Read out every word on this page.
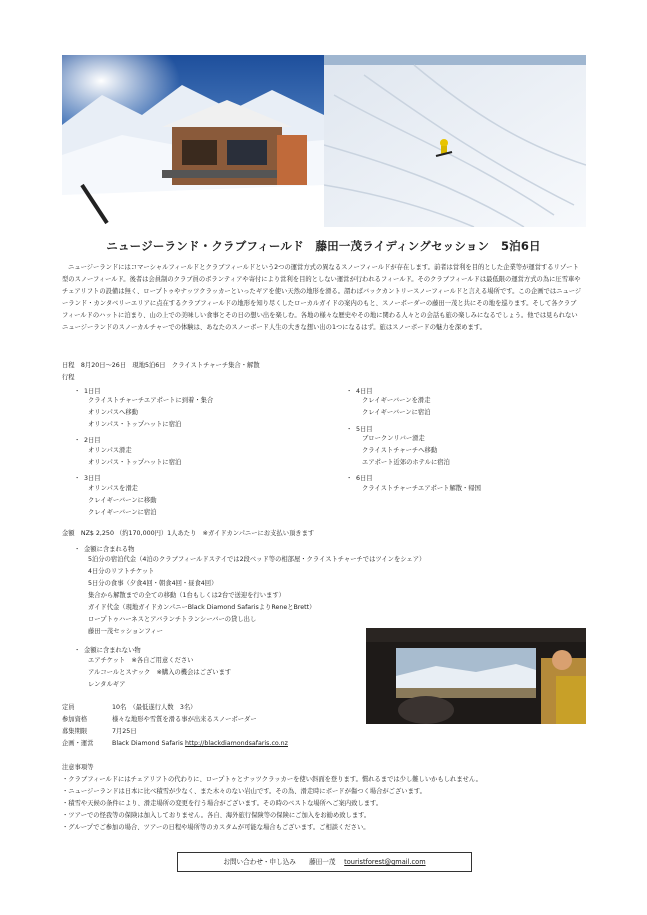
ニュージーランド・クラブフィールド　藤田一茂ライディングセッション　5泊6日
ニュージーランドにはコマーシャルフィールドとクラブフィールドという2つの運営方式の異なるスノーフィールドが存在します。前者は営利を目的とした企業等が運営するリゾート型のスノーフィールド。後者は会員制のクラブ員のボランティアや寄付により営利を目的としない運営が行われるフィールド。そのクラブフィールドは最低限の運営方式の為に圧雪車やチェアリフトの設備は無く、ロープトゥやナッツクラッカーといったギアを使い天然の地形を滑る。謂わばバックカントリースノーフィールドと言える場所です。この企画ではニュージーランド・カンタベリーエリアに点在するクラブフィールドの地形を知り尽くしたローカルガイドの案内のもと、スノーボーダーの藤田一茂と共にその地を巡ります。そして各クラブフィールドのハットに泊まり、山の上での美味しい食事とその日の想い出を楽しむ。各地の様々な歴史やその地に関わる人々との会話も旅の楽しみになるでしょう。他では見られないニュージーランドのスノーカルチャーでの体験は、あなたのスノーボード人生の大きな想い出の1つになるはず。旅はスノーボードの魅力を深めます。
日程　8月20日〜26日　現地5泊6日　クライストチャーチ集合・解散
行程
・ 1日目
クライストチャーチエアポートに到着・集合
オリンパスへ移動
オリンパス・トップハットに宿泊
・ 2日目
オリンパス滑走
オリンパス・トップハットに宿泊
・ 3日目
オリンパスを滑走
クレイギーバーンに移動
クレイギーバーンに宿泊
・ 4日目
クレイギーバーンを滑走
クレイギーバーンに宿泊
・ 5日目
ブロークンリバー滑走
クライストチャーチへ移動
エアポート近郊のホテルに宿泊
・ 6日目
クライストチャーチエアポート解散・帰国
金額　NZ$ 2,250 （約170,000円）1人あたり　※ガイドカンパニーにお支払い頂きます
・ 金額に含まれる物
5泊分の宿泊代金（4泊のクラブフィールドステイでは2段ベッド等の相部屋・クライストチャーチではツインをシェア）
4日分のリフトチケット
5日分の食事（夕食4回・朝食4回・昼食4回）
集合から解散までの全ての移動（1台もしくは2台で送迎を行います）
ガイド代金（現地ガイドカンパニーBlack Diamond SafarisよりReneとBrett）
ロープトゥハーネスとアバランチトランシーバーの貸し出し
藤田一茂セッションフィー
・ 金額に含まれない物
エアチケット　※各自ご用意ください
アルコールとスナック　※購入の機会はございます
レンタルギア
定員	10名　（最低遂行人数　3名）
参加資格	様々な地形や雪質を滑る事が出来るスノーボーダー
募集期限	7月25日
企画・運営	Black Diamond Safaris http://blackdiamondsafaris.co.nz
注意事項等
・クラブフィールドにはチェアリフトの代わりに、ロープトゥとナッツクラッカーを使い斜面を登ります。慣れるまでは少し難しいかもしれません。
・ニュージーランドは日本に比べ積雪が少なく、また木々のない岩山です。その為、滑走時にボードが傷つく場合がございます。
・積雪や天候の条件により、滑走場所の変更を行う場合がございます。その時のベストな場所へご案内致します。
・ツアーでの怪我等の保険は加入しておりません。各自、海外旅行保険等の保険にご加入をお勧め致します。
・グループでご参加の場合、ツアーの日程や場所等のカスタムが可能な場合もございます。ご相談ください。
お問い合わせ・申し込み　　藤田一茂　 touristforest@gmail.com
